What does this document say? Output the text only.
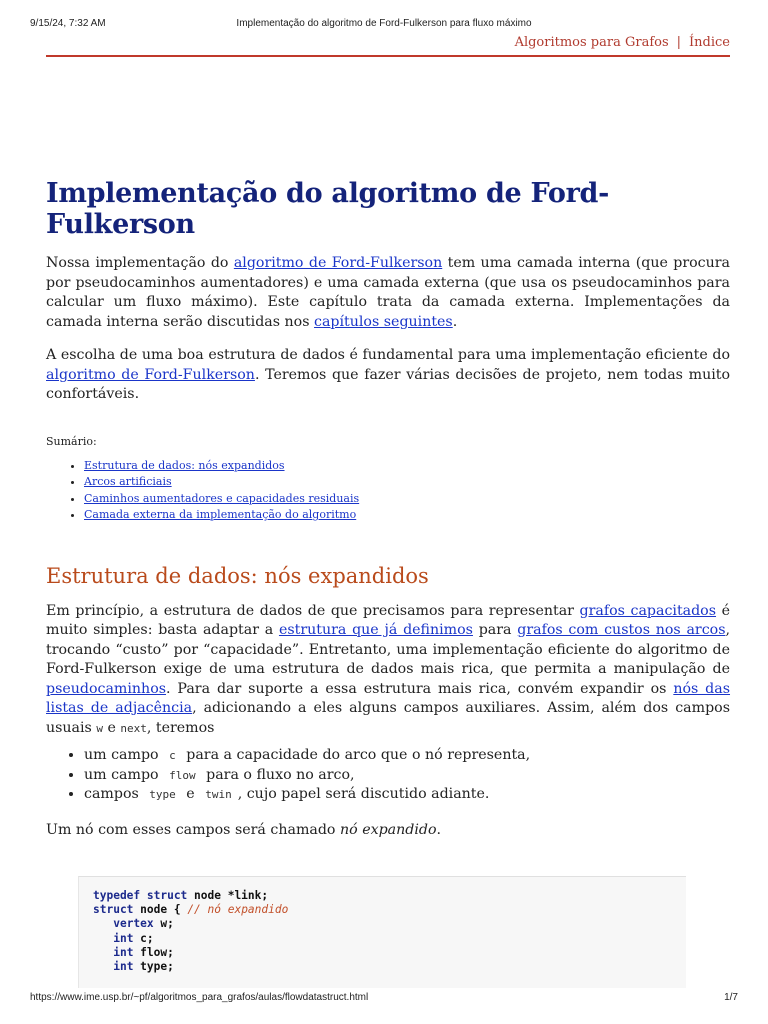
9/15/24, 7:32 AM	Implementação do algoritmo de Ford-Fulkerson para fluxo máximo
Algoritmos para Grafos | Índice
Implementação do algoritmo de Ford-Fulkerson

Nossa implementação do algoritmo de Ford-Fulkerson tem uma camada interna (que procura por pseudocaminhos aumentadores) e uma camada externa (que usa os pseudocaminhos para calcular um fluxo máximo). Este capítulo trata da camada externa. Implementações da camada interna serão discutidas nos capítulos seguintes.

A escolha de uma boa estrutura de dados é fundamental para uma implementação eficiente do algoritmo de Ford-Fulkerson. Teremos que fazer várias decisões de projeto, nem todas muito confortáveis.

Sumário:
• Estrutura de dados: nós expandidos
• Arcos artificiais
• Caminhos aumentadores e capacidades residuais
• Camada externa da implementação do algoritmo
Estrutura de dados: nós expandidos

Em princípio, a estrutura de dados de que precisamos para representar grafos capacitados é muito simples: basta adaptar a estrutura que já definimos para grafos com custos nos arcos, trocando “custo” por “capacidade”. Entretanto, uma implementação eficiente do algoritmo de Ford-Fulkerson exige de uma estrutura de dados mais rica, que permita a manipulação de pseudocaminhos. Para dar suporte a essa estrutura mais rica, convém expandir os nós das listas de adjacência, adicionando a eles alguns campos auxiliares. Assim, além dos campos usuais w e next, teremos

• um campo c para a capacidade do arco que o nó representa,
• um campo flow para o fluxo no arco,
• campos type e twin , cujo papel será discutido adiante.

Um nó com esses campos será chamado nó expandido.

typedef struct node *link;
struct node { // nó expandido
vertex w;
int c;
int flow;
int type;
https://www.ime.usp.br/~pf/algoritmos_para_grafos/aulas/flowdatastruct.html	1/7
